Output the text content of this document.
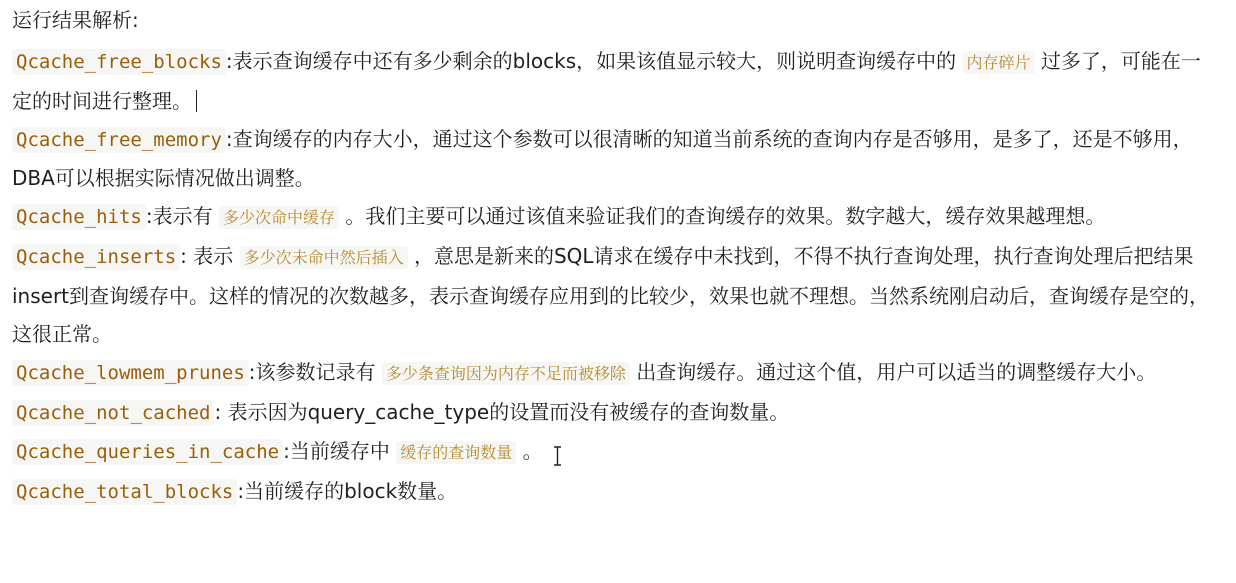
运行结果解析:

Qcache_free_blocks :表示查询缓存中还有多少剩余的blocks，如果该值显示较大，则说明查询缓存中的 内存碎片 过多了，可能在一定的时间进行整理。

Qcache_free_memory :查询缓存的内存大小，通过这个参数可以很清晰的知道当前系统的查询内存是否够用，是多了，还是不够用，DBA可以根据实际情况做出调整。

Qcache_hits :表示有 多少次命中缓存 。我们主要可以通过该值来验证我们的查询缓存的效果。数字越大，缓存效果越理想。

Qcache_inserts : 表示 多少次未命中然后插入 ，意思是新来的SQL请求在缓存中未找到，不得不执行查询处理，执行查询处理后把结果insert到查询缓存中。这样的情况的次数越多，表示查询缓存应用到的比较少，效果也就不理想。当然系统刚启动后，查询缓存是空的，这很正常。

Qcache_lowmem_prunes :该参数记录有 多少条查询因为内存不足而被移除 出查询缓存。通过这个值，用户可以适当的调整缓存大小。

Qcache_not_cached : 表示因为query_cache_type的设置而没有被缓存的查询数量。

Qcache_queries_in_cache :当前缓存中 缓存的查询数量 。

Qcache_total_blocks :当前缓存的block数量。
